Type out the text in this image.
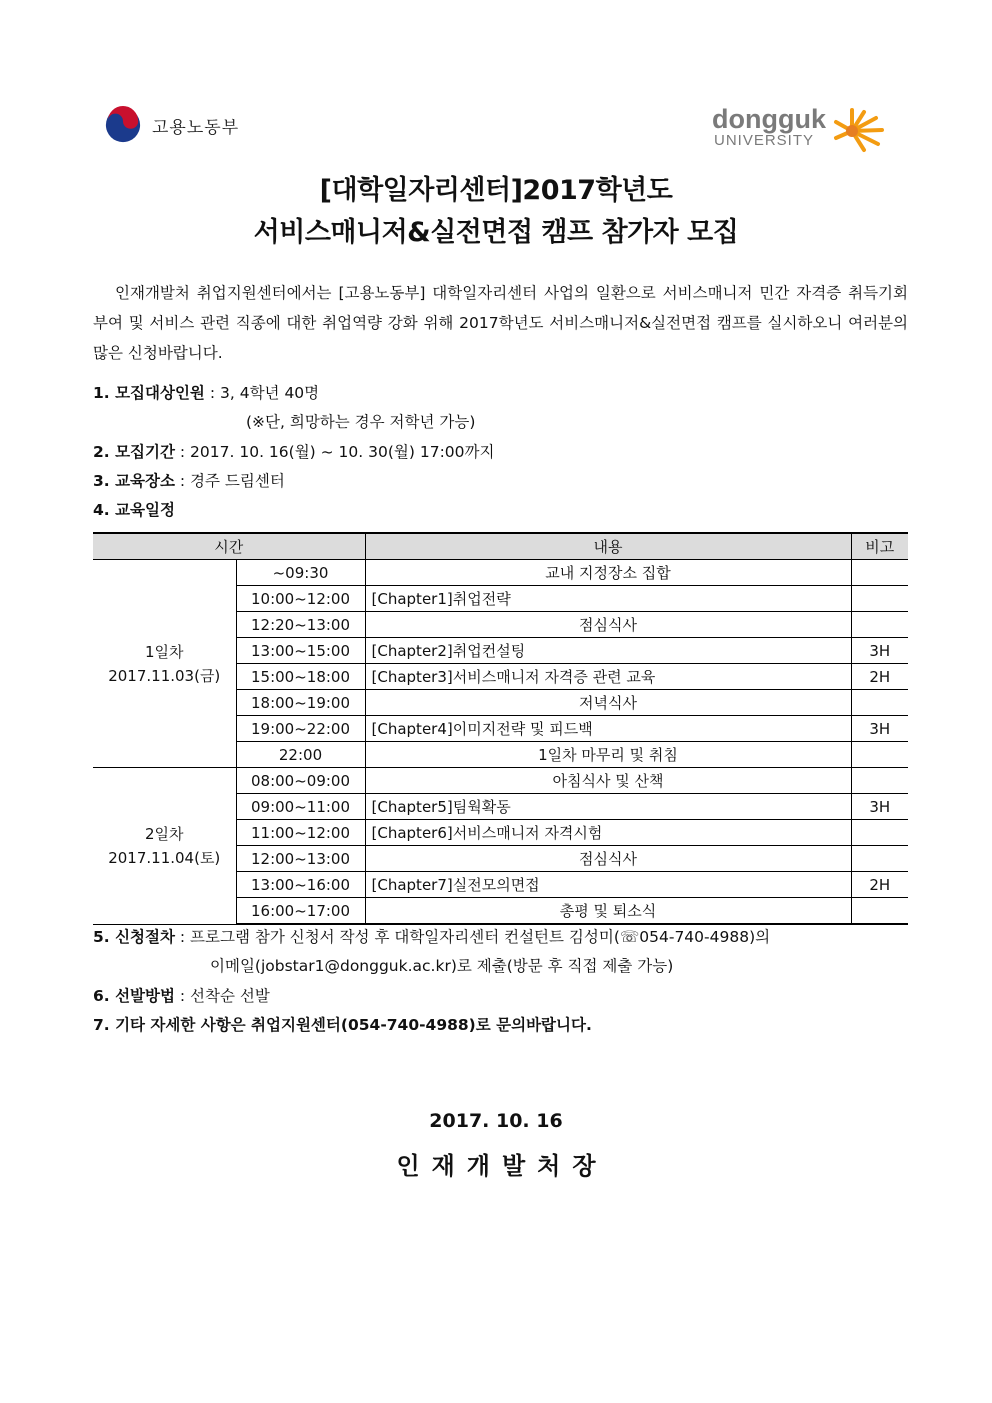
고용노동부	dongguk
UNIVERSITY
[대학일자리센터]2017학년도
서비스매니저&실전면접 캠프 참가자 모집

인재개발처 취업지원센터에서는 [고용노동부] 대학일자리센터 사업의 일환으로 서비스매니저 민간 자격증 취득기회 부여 및 서비스 관련 직종에 대한 취업역량 강화 위해 2017학년도 서비스매니저&실전면접 캠프를 실시하오니 여러분의 많은 신청바랍니다.

1. 모집대상인원 : 3, 4학년 40명
(※단, 희망하는 경우 저학년 가능)
2. 모집기간 : 2017. 10. 16(월) ~ 10. 30(월) 17:00까지
3. 교육장소 : 경주 드림센터
4. 교육일정
시간		내용	비고

1일차
2017.11.03(금)	~09:30	교내 지정장소 집합	
	10:00~12:00	[Chapter1]취업전략	
	12:20~13:00	점심식사	
	13:00~15:00	[Chapter2]취업컨설팅	3H
	15:00~18:00	[Chapter3]서비스매니저 자격증 관련 교육	2H
	18:00~19:00	저녁식사	
	19:00~22:00	[Chapter4]이미지전략 및 피드백	3H
	22:00	1일차 마무리 및 취침	

2일차
2017.11.04(토)	08:00~09:00	아침식사 및 산책	
	09:00~11:00	[Chapter5]팀웍확동	3H
	11:00~12:00	[Chapter6]서비스매니저 자격시험	
	12:00~13:00	점심식사	
	13:00~16:00	[Chapter7]실전모의면접	2H
	16:00~17:00	총평 및 퇴소식	
5. 신청절차 : 프로그램 참가 신청서 작성 후 대학일자리센터 컨설턴트 김성미(☏054-740-4988)의
이메일(jobstar1@dongguk.ac.kr)로 제출(방문 후 직접 제출 가능)
6. 선발방법 : 선착순 선발
7. 기타 자세한 사항은 취업지원센터(054-740-4988)로 문의바랍니다.
2017. 10. 16
인재개발처장
